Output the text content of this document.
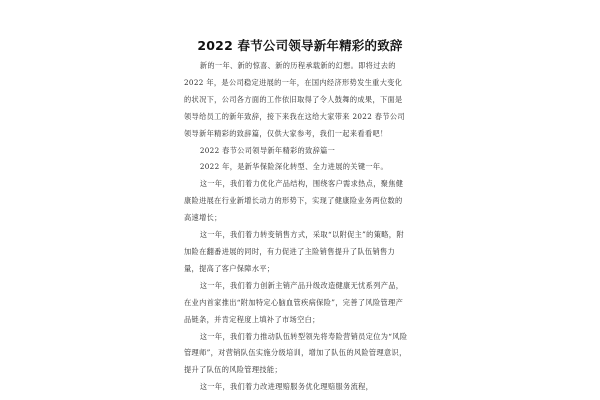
2022 春节公司领导新年精彩的致辞

新的一年、新的惊喜、新的历程承载新的幻想。即将过去的 2022 年，是公司稳定进展的一年，在国内经济形势发生重大变化的状况下，公司各方面的工作依旧取得了令人鼓舞的成果，下面是领导给员工的新年致辞，接下来我在这给大家带来 2022 春节公司领导新年精彩的致辞篇，仅供大家参考，我们一起来看看吧！

2022 春节公司领导新年精彩的致辞篇一

2022 年，是新华保险深化转型、全力进展的关键一年。

这一年，我们着力优化产品结构，围绕客户需求热点，聚焦健康险进展在行业新增长动力的形势下，实现了健康险业务两位数的高速增长；

这一年，我们着力转变销售方式，采取“以附促主”的策略，附加险在翻番进展的同时，有力促进了主险销售提升了队伍销售力量，提高了客户保障水平；

这一年，我们着力创新主销产品升级改造健康无忧系列产品，在业内首家推出“附加特定心脑血管疾病保险”，完善了风险管理产品链条，并肯定程度上填补了市场空白；

这一年，我们着力推动队伍转型领先将寿险营销员定位为“风险管理师”，对营销队伍实施分级培训，增加了队伍的风险管理意识，提升了队伍的风险管理技能；

这一年，我们着力改进理赔服务优化理赔服务流程，
